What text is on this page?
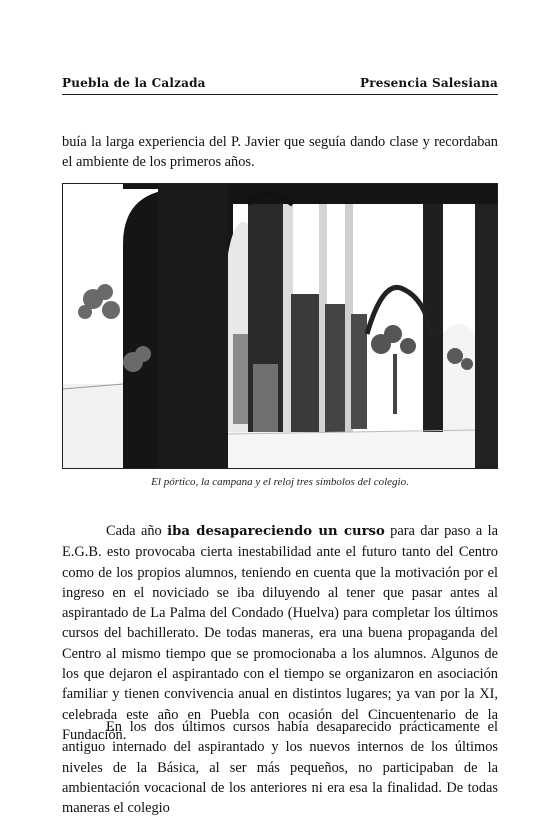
Puebla de la Calzada	Presencia Salesiana

buía la larga experiencia del P. Javier que seguía dando clase y recordaban el ambiente de los primeros años.

El pórtico, la campana y el reloj tres símbolos del colegio.

Cada año iba desapareciendo un curso para dar paso a la E.G.B. esto provocaba cierta inestabilidad ante el futuro tanto del Centro como de los propios alumnos, teniendo en cuenta que la motivación por el ingreso en el noviciado se iba diluyendo al tener que pasar antes al aspirantado de La Palma del Condado (Huelva) para completar los últimos cursos del bachillerato. De todas maneras, era una buena propaganda del Centro al mismo tiempo que se promocionaba a los alumnos. Algunos de los que dejaron el aspirantado con el tiempo se organizaron en asociación familiar y tienen convivencia anual en distintos lugares; ya van por la XI, celebrada este año en Puebla con ocasión del Cincuentenario de la Fundación.

En los dos últimos cursos había desaparecido prácticamente el antiguo internado del aspirantado y los nuevos internos de los últimos niveles de la Básica, al ser más pequeños, no participaban de la ambientación vocacional de los anteriores ni era esa la finalidad. De todas maneras el colegio
